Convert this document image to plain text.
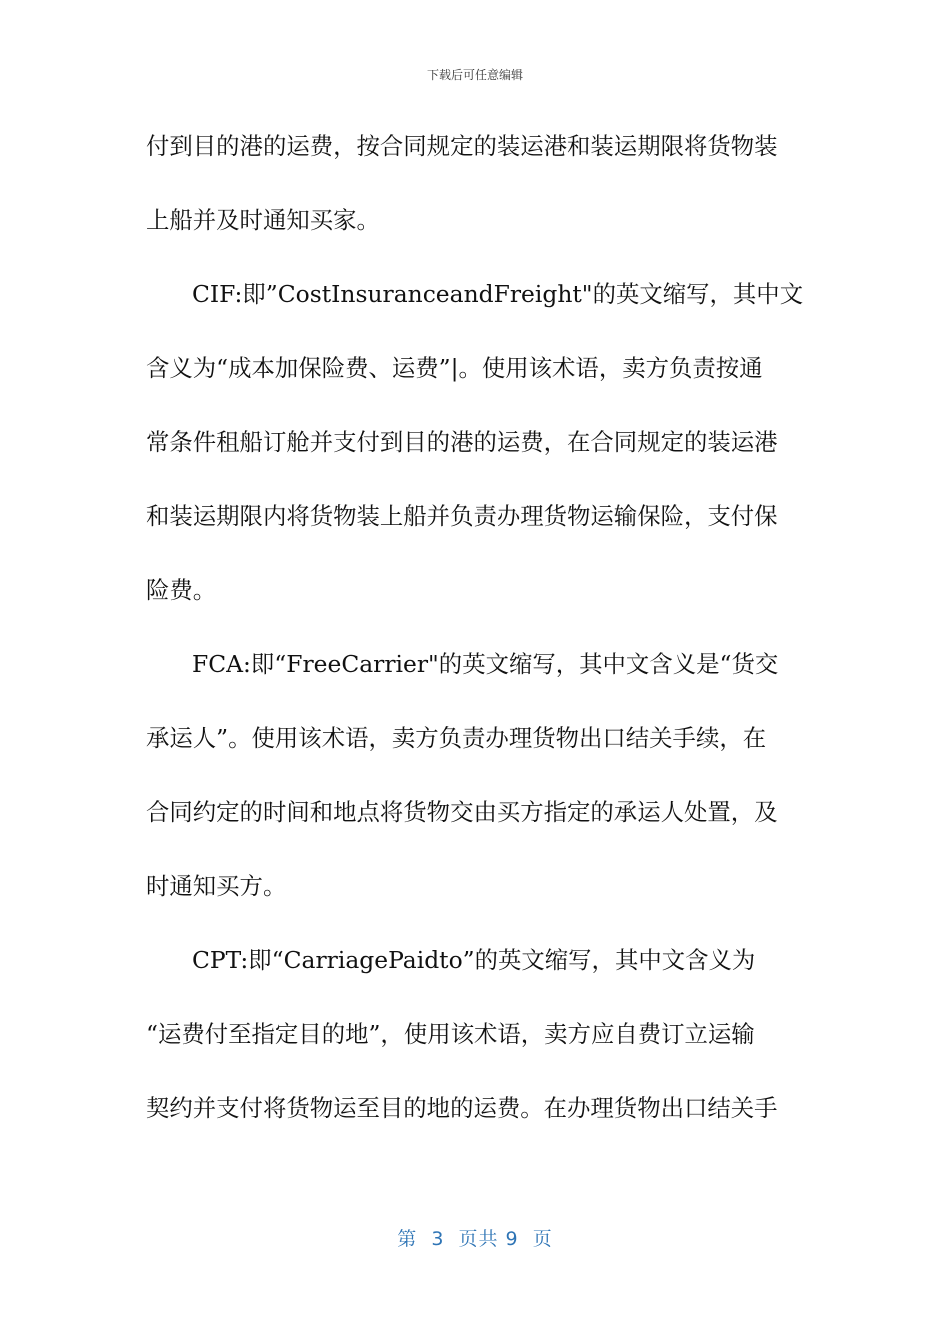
下载后可任意编辑
付到目的港的运费，按合同规定的装运港和装运期限将货物装
上船并及时通知买家。
CIF:即”CostInsuranceandFreight"的英文缩写，其中文
含义为“成本加保险费、运费”|。使用该术语，卖方负责按通
常条件租船订舱并支付到目的港的运费，在合同规定的装运港
和装运期限内将货物装上船并负责办理货物运输保险，支付保
险费。
FCA:即“FreeCarrier"的英文缩写，其中文含义是“货交
承运人”。使用该术语，卖方负责办理货物出口结关手续，在
合同约定的时间和地点将货物交由买方指定的承运人处置，及
时通知买方。
CPT:即“CarriagePaidto”的英文缩写，其中文含义为
“运费付至指定目的地”，使用该术语，卖方应自费订立运输
契约并支付将货物运至目的地的运费。在办理货物出口结关手
第  3  页共 9  页
